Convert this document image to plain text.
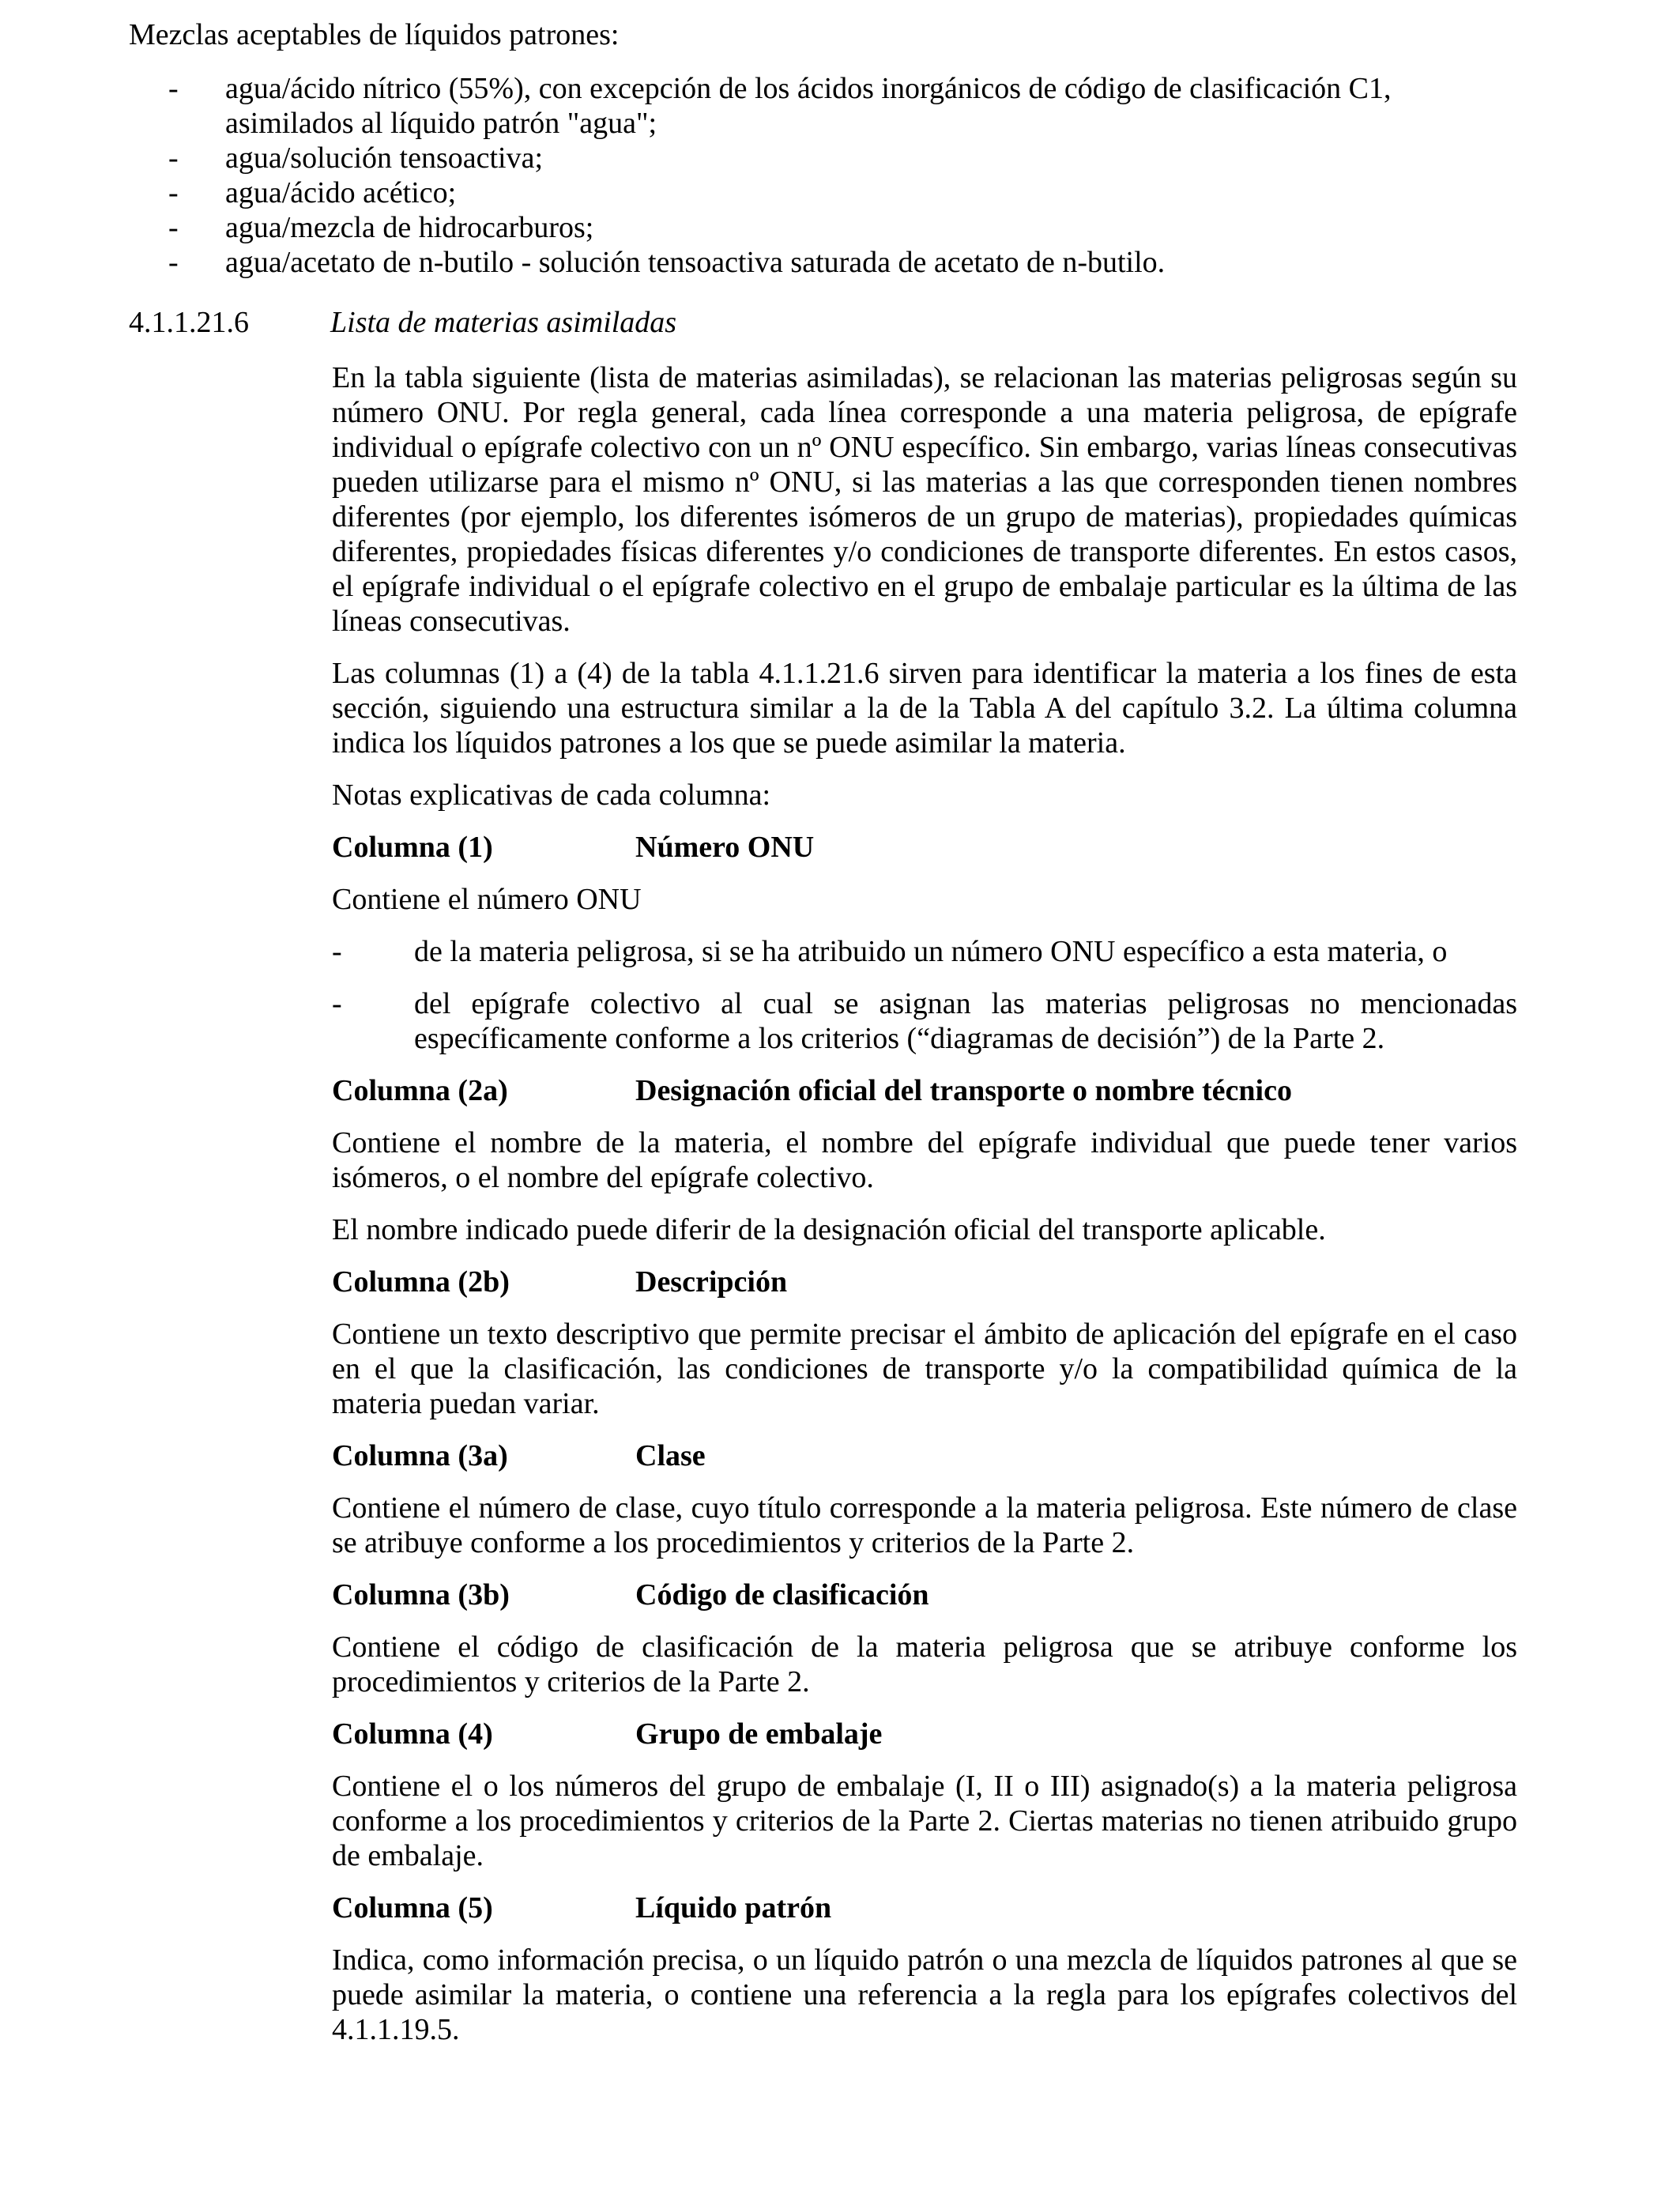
Mezclas aceptables de líquidos patrones:

- agua/ácido nítrico (55%), con excepción de los ácidos inorgánicos de código de clasificación C1, asimilados al líquido patrón "agua";
- agua/solución tensoactiva;
- agua/ácido acético;
- agua/mezcla de hidrocarburos;
- agua/acetato de n-butilo - solución tensoactiva saturada de acetato de n-butilo.
4.1.1.21.6	Lista de materias asimiladas

En la tabla siguiente (lista de materias asimiladas), se relacionan las materias peligrosas según su número ONU. Por regla general, cada línea corresponde a una materia peligrosa, de epígrafe individual o epígrafe colectivo con un nº ONU específico. Sin embargo, varias líneas consecutivas pueden utilizarse para el mismo nº ONU, si las materias a las que corresponden tienen nombres diferentes (por ejemplo, los diferentes isómeros de un grupo de materias), propiedades químicas diferentes, propiedades físicas diferentes y/o condiciones de transporte diferentes. En estos casos, el epígrafe individual o el epígrafe colectivo en el grupo de embalaje particular es la última de las líneas consecutivas.

Las columnas (1) a (4) de la tabla 4.1.1.21.6 sirven para identificar la materia a los fines de esta sección, siguiendo una estructura similar a la de la Tabla A del capítulo 3.2. La última columna indica los líquidos patrones a los que se puede asimilar la materia.

Notas explicativas de cada columna:

Columna (1)	Número ONU

Contiene el número ONU

- de la materia peligrosa, si se ha atribuido un número ONU específico a esta materia, o
- del epígrafe colectivo al cual se asignan las materias peligrosas no mencionadas específicamente conforme a los criterios (“diagramas de decisión”) de la Parte 2.
Columna (2a)	Designación oficial del transporte o nombre técnico

Contiene el nombre de la materia, el nombre del epígrafe individual que puede tener varios isómeros, o el nombre del epígrafe colectivo.

El nombre indicado puede diferir de la designación oficial del transporte aplicable.

Columna (2b)	Descripción

Contiene un texto descriptivo que permite precisar el ámbito de aplicación del epígrafe en el caso en el que la clasificación, las condiciones de transporte y/o la compatibilidad química de la materia puedan variar.

Columna (3a)	Clase

Contiene el número de clase, cuyo título corresponde a la materia peligrosa. Este número de clase se atribuye conforme a los procedimientos y criterios de la Parte 2.

Columna (3b)	Código de clasificación

Contiene el código de clasificación de la materia peligrosa que se atribuye conforme los procedimientos y criterios de la Parte 2.

Columna (4)	Grupo de embalaje

Contiene el o los números del grupo de embalaje (I, II o III) asignado(s) a la materia peligrosa conforme a los procedimientos y criterios de la Parte 2. Ciertas materias no tienen atribuido grupo de embalaje.

Columna (5)	Líquido patrón

Indica, como información precisa, o un líquido patrón o una mezcla de líquidos patrones al que se puede asimilar la materia, o contiene una referencia a la regla para los epígrafes colectivos del 4.1.1.19.5.
